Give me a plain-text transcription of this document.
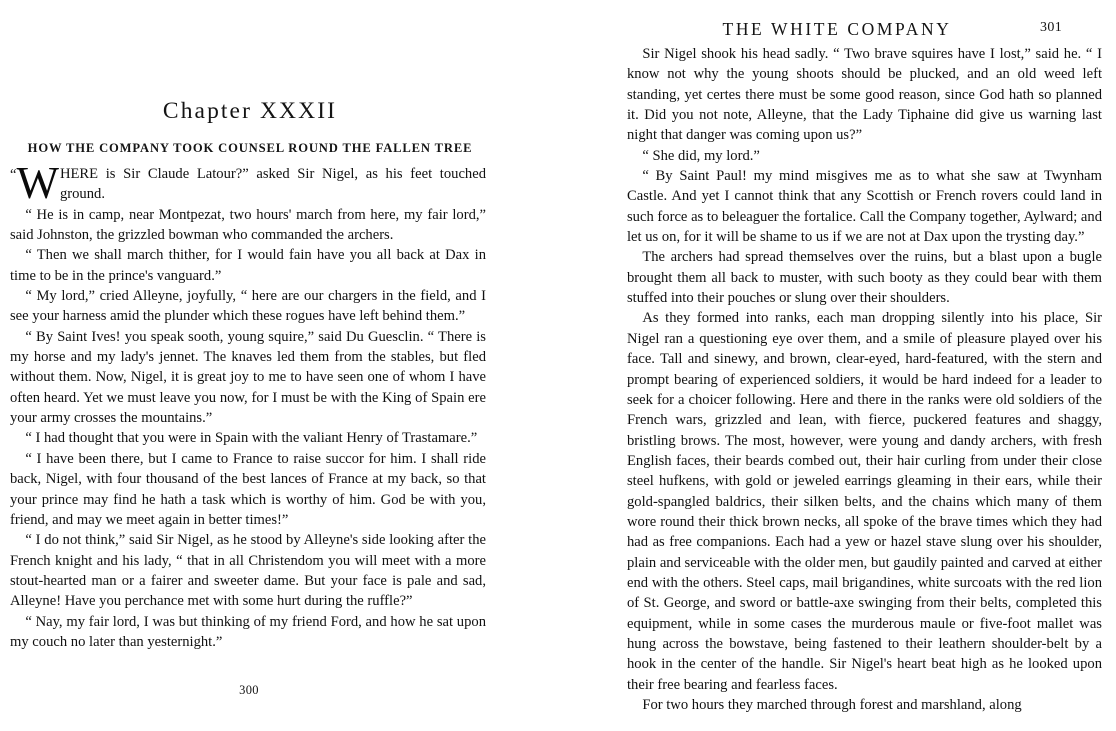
Chapter XXXII
HOW THE COMPANY TOOK COUNSEL ROUND THE FALLEN TREE

“ W HERE is Sir Claude Latour?” asked Sir Nigel, as his feet touched ground.

“ He is in camp, near Montpezat, two hours' march from here, my fair lord,” said Johnston, the grizzled bowman who commanded the archers.

“ Then we shall march thither, for I would fain have you all back at Dax in time to be in the prince's vanguard.”

“ My lord,” cried Alleyne, joyfully, “ here are our chargers in the field, and I see your harness amid the plunder which these rogues have left behind them.”

“ By Saint Ives! you speak sooth, young squire,” said Du Guesclin. “ There is my horse and my lady's jennet. The knaves led them from the stables, but fled without them. Now, Nigel, it is great joy to me to have seen one of whom I have often heard. Yet we must leave you now, for I must be with the King of Spain ere your army crosses the mountains.”

“ I had thought that you were in Spain with the valiant Henry of Trastamare.”

“ I have been there, but I came to France to raise succor for him. I shall ride back, Nigel, with four thousand of the best lances of France at my back, so that your prince may find he hath a task which is worthy of him. God be with you, friend, and may we meet again in better times!”

“ I do not think,” said Sir Nigel, as he stood by Alleyne's side looking after the French knight and his lady, “ that in all Christendom you will meet with a more stout-hearted man or a fairer and sweeter dame. But your face is pale and sad, Alleyne! Have you perchance met with some hurt during the ruffle?”

“ Nay, my fair lord, I was but thinking of my friend Ford, and how he sat upon my couch no later than yesternight.”

300
THE WHITE COMPANY	301

Sir Nigel shook his head sadly. “ Two brave squires have I lost,” said he. “ I know not why the young shoots should be plucked, and an old weed left standing, yet certes there must be some good reason, since God hath so planned it. Did you not note, Alleyne, that the Lady Tiphaine did give us warning last night that danger was coming upon us?”

“ She did, my lord.”

“ By Saint Paul! my mind misgives me as to what she saw at Twynham Castle. And yet I cannot think that any Scottish or French rovers could land in such force as to beleaguer the fortalice. Call the Company together, Aylward; and let us on, for it will be shame to us if we are not at Dax upon the trysting day.”

The archers had spread themselves over the ruins, but a blast upon a bugle brought them all back to muster, with such booty as they could bear with them stuffed into their pouches or slung over their shoulders.

As they formed into ranks, each man dropping silently into his place, Sir Nigel ran a questioning eye over them, and a smile of pleasure played over his face. Tall and sinewy, and brown, clear-eyed, hard-featured, with the stern and prompt bearing of experienced soldiers, it would be hard indeed for a leader to seek for a choicer following. Here and there in the ranks were old soldiers of the French wars, grizzled and lean, with fierce, puckered features and shaggy, bristling brows. The most, however, were young and dandy archers, with fresh English faces, their beards combed out, their hair curling from under their close steel hufkens, with gold or jeweled earrings gleaming in their ears, while their gold-spangled baldrics, their silken belts, and the chains which many of them wore round their thick brown necks, all spoke of the brave times which they had had as free companions. Each had a yew or hazel stave slung over his shoulder, plain and serviceable with the older men, but gaudily painted and carved at either end with the others. Steel caps, mail brigandines, white surcoats with the red lion of St. George, and sword or battle-axe swinging from their belts, completed this equipment, while in some cases the murderous maule or five-foot mallet was hung across the bowstave, being fastened to their leathern shoulder-belt by a hook in the center of the handle. Sir Nigel's heart beat high as he looked upon their free bearing and fearless faces.

For two hours they marched through forest and marshland, along
